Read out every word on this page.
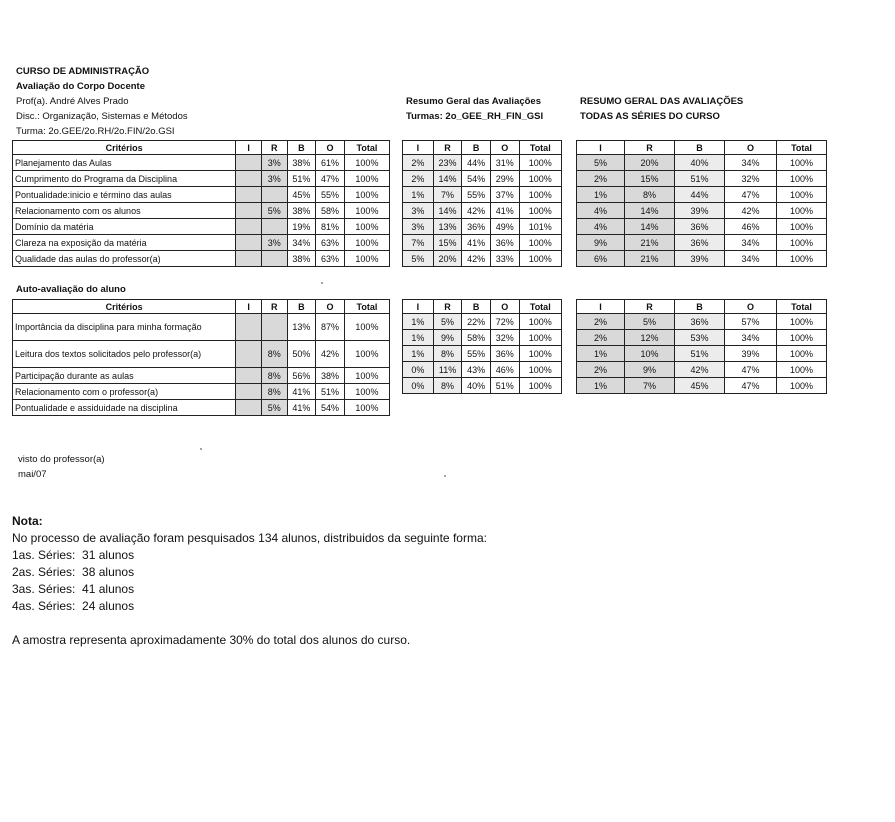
CURSO DE ADMINISTRAÇÃO
Avaliação do Corpo Docente
Prof(a). André Alves Prado
Disc.: Organização, Sistemas e Métodos
Turma: 2o.GEE/2o.RH/2o.FIN/2o.GSI
Resumo Geral das Avaliações
Turmas: 2o_GEE_RH_FIN_GSI
RESUMO GERAL DAS AVALIAÇÕES
TODAS AS SÉRIES DO CURSO
Critérios	I	R	B	O	Total
Planejamento das Aulas		3%	38%	61%	100%
Cumprimento do Programa da Disciplina		3%	51%	47%	100%
Pontualidade:inicio e término das aulas			45%	55%	100%
Relacionamento com os alunos		5%	38%	58%	100%
Domínio da matéria			19%	81%	100%
Clareza na exposição da matéria		3%	34%	63%	100%
Qualidade das aulas do professor(a)			38%	63%	100%
I	R	B	O	Total
2%	23%	44%	31%	100%
2%	14%	54%	29%	100%
1%	7%	55%	37%	100%
3%	14%	42%	41%	100%
3%	13%	36%	49%	101%
7%	15%	41%	36%	100%
5%	20%	42%	33%	100%
I	R	B	O	Total
5%	20%	40%	34%	100%
2%	15%	51%	32%	100%
1%	8%	44%	47%	100%
4%	14%	39%	42%	100%
4%	14%	36%	46%	100%
9%	21%	36%	34%	100%
6%	21%	39%	34%	100%
Auto-avaliação do aluno
Critérios	I	R	B	O	Total
Importância da disciplina para minha formação			13%	87%	100%
Leitura dos textos solicitados pelo professor(a)		8%	50%	42%	100%
Participação durante as aulas		8%	56%	38%	100%
Relacionamento com o professor(a)		8%	41%	51%	100%
Pontualidade e assiduidade na disciplina		5%	41%	54%	100%
I	R	B	O	Total
1%	5%	22%	72%	100%
1%	9%	58%	32%	100%
1%	8%	55%	36%	100%
0%	11%	43%	46%	100%
0%	8%	40%	51%	100%
I	R	B	O	Total
2%	5%	36%	57%	100%
2%	12%	53%	34%	100%
1%	10%	51%	39%	100%
2%	9%	42%	47%	100%
1%	7%	45%	47%	100%
visto do professor(a)
mai/07
Nota:
No processo de avaliação foram pesquisados 134 alunos, distribuidos da seguinte forma:
1as. Séries: 31 alunos
2as. Séries: 38 alunos
3as. Séries: 41 alunos
4as. Séries: 24 alunos
A amostra representa aproximadamente 30% do total dos alunos do curso.
